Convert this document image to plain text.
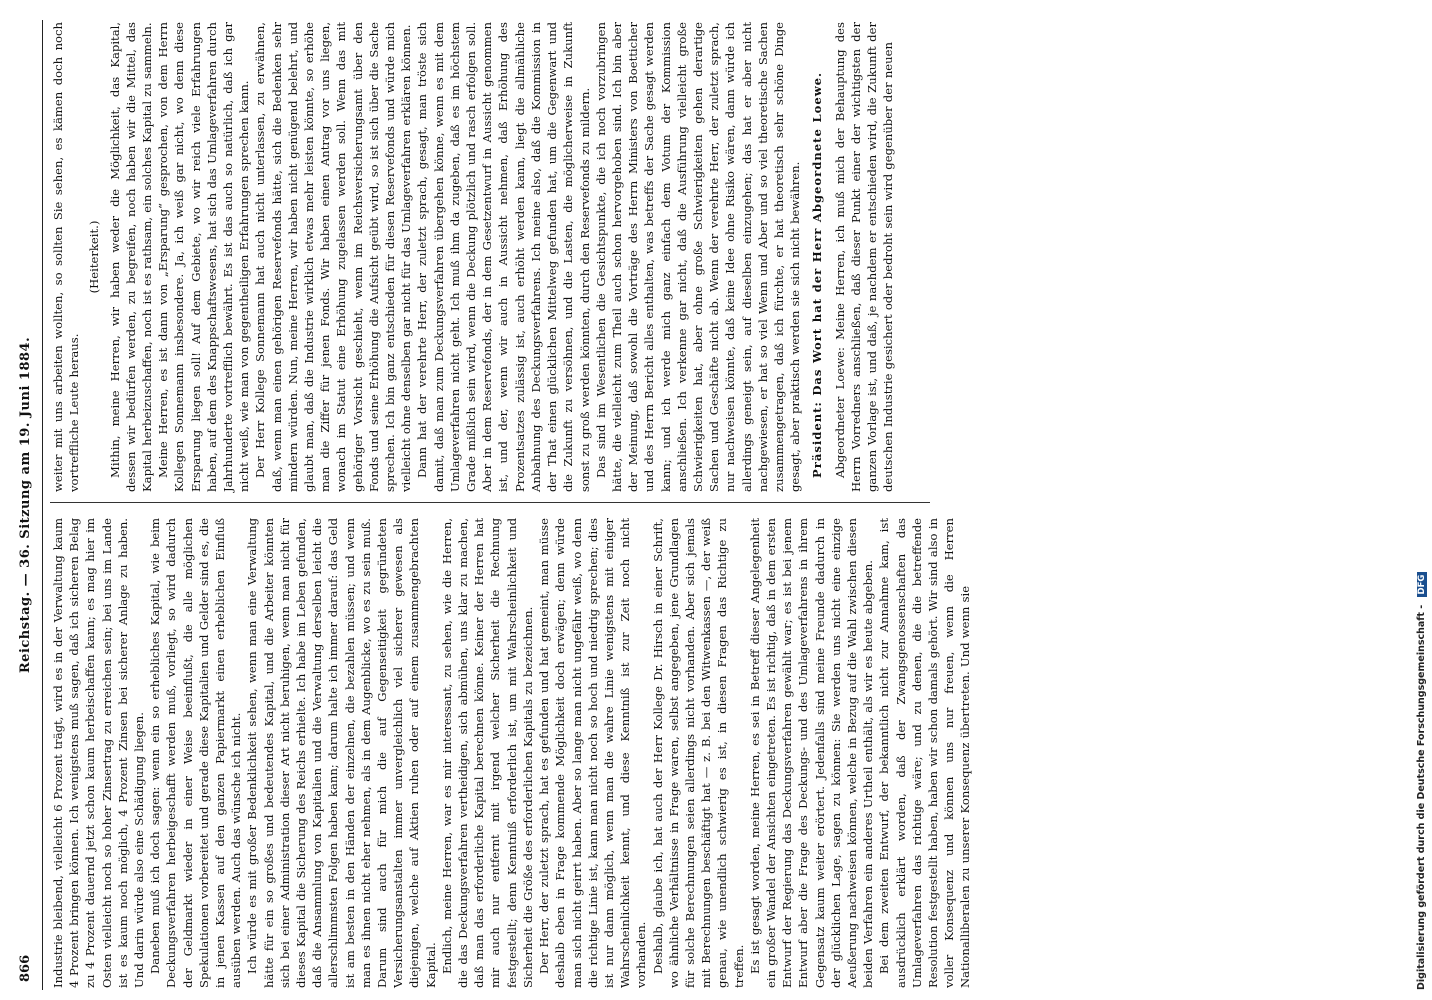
866
Reichstag. — 36. Sitzung am 19. Juni 1884.

Industrie bleibend, vielleicht 6 Prozent trägt, wird es in der Verwaltung kaum 4 Prozent bringen können. Ich wenigstens muß sagen, daß ich sicheren Belag zu 4 Prozent dauernd jetzt schon kaum herbeischaffen kann; es mag hier im Osten vielleicht noch so hoher Zinsertrag zu erreichen sein; bei uns im Lande ist es kaum noch möglich, 4 Prozent Zinsen bei sicherer Anlage zu haben. Und darin würde also eine Schädigung liegen. Daneben muß ich doch sagen: wenn ein so erhebliches Kapital, wie beim Deckungsverfahren herbeigeschafft werden muß, vorliegt, so wird dadurch der Geldmarkt wieder in einer Weise beeinflußt, die alle möglichen Spekulationen vorbereitet und gerade diese Kapitalien und Gelder sind es, die in jenen Kassen auf den ganzen Papiermarkt einen erheblichen Einfluß ausüben werden. Auch das wünsche ich nicht. Ich würde es mit großer Bedenklichkeit sehen, wenn man eine Verwaltung hätte für ein so großes und bedeutendes Kapital, und die Arbeiter könnten sich bei einer Administration dieser Art nicht beruhigen, wenn man nicht für dieses Kapital die Sicherung des Reichs erhielte. Ich habe im Leben gefunden, daß die Ansammlung von Kapitalien und die Verwaltung derselben leicht die allerschlimmsten Folgen haben kann; darum halte ich immer darauf: das Geld ist am besten in den Händen der einzelnen, die bezahlen müssen; und wenn man es ihnen nicht eher nehmen, als in dem Augenblicke, wo es zu sein muß. Darum sind auch für mich die auf Gegenseitigkeit gegründeten Versicherungsanstalten immer unvergleichlich viel sicherer gewesen als diejenigen, welche auf Aktien ruhen oder auf einem zusammengebrachten Kapital. Endlich, meine Herren, war es mir interessant, zu sehen, wie die Herren, die das Deckungsverfahren vertheidigen, sich abmühen, uns klar zu machen, daß man das erforderliche Kapital berechnen könne. Keiner der Herren hat mir auch nur entfernt mit irgend welcher Sicherheit die Rechnung festgestellt; denn Kenntniß erforderlich ist, um mit Wahrscheinlichkeit und Sicherheit die Größe des erforderlichen Kapitals zu bezeichnen. Der Herr, der zuletzt sprach, hat es gefunden und hat gemeint, man müsse deshalb eben in Frage kommende Möglichkeit doch erwägen; denn würde man sich nicht geirrt haben. Aber so lange man nicht ungefähr weiß, wo denn die richtige Linie ist, kann man nicht noch so hoch und niedrig sprechen; dies ist nur dann möglich, wenn man die wahre Linie wenigstens mit einiger Wahrscheinlichkeit kennt, und diese Kenntniß ist zur Zeit noch nicht vorhanden. Deshalb, glaube ich, hat auch der Herr Kollege Dr. Hirsch in einer Schrift, wo ähnliche Verhältnisse in Frage waren, selbst angegeben, jene Grundlagen für solche Berechnungen seien allerdings nicht vorhanden. Aber sich jemals mit Berechnungen beschäftigt hat — z. B. bei den Witwenkassen —, der weiß genau, wie unendlich schwierig es ist, in diesen Fragen das Richtige zu treffen. Es ist gesagt worden, meine Herren, es sei in Betreff dieser Angelegenheit ein großer Wandel der Ansichten eingetreten. Es ist richtig, daß in dem ersten Entwurf der Regierung das Deckungsverfahren gewählt war; es ist bei jenem Entwurf aber die Frage des Deckungs- und des Umlageverfahrens in ihrem Gegensatz kaum weiter erörtert. Jedenfalls sind meine Freunde dadurch in der glücklichen Lage, sagen zu können: Sie werden uns nicht eine einzige Aeußerung nachweisen können, welche in Bezug auf die Wahl zwischen diesen beiden Verfahren ein anderes Urtheil enthält, als wir es heute abgeben. Bei dem zweiten Entwurf, der bekanntlich nicht zur Annahme kam, ist ausdrücklich erklärt worden, daß der Zwangsgenossenschaften das Umlageverfahren das richtige wäre; und zu denen, die die betreffende Resolution festgestellt haben, haben wir schon damals gehört. Wir sind also in voller Konsequenz und können uns nur freuen, wenn die Herren Nationalliberalen zu unserer Konsequenz übertreten. Und wenn sie

weiter mit uns arbeiten wollten, so sollten Sie sehen, es kämen doch noch vortreffliche Leute heraus.

(Heiterkeit.) Mithin, meine Herren, wir haben weder die Möglichkeit, das Kapital, dessen wir bedürfen werden, zu begreifen, noch haben wir die Mittel, das Kapital herbeizuschaffen, noch ist es rathsam, ein solches Kapital zu sammeln. Meine Herren, es ist dann von „Ersparung“ gesprochen, von dem Herrn Kollegen Sonnemann insbesondere. Ja, ich weiß gar nicht, wo denn diese Ersparung liegen soll! Auf dem Gebiete, wo wir reich viele Erfahrungen haben, auf dem des Knappschaftswesens, hat sich das Umlageverfahren durch Jahrhunderte vortrefflich bewährt. Es ist das auch so natürlich, daß ich gar nicht weiß, wie man von gegentheiligen Erfahrungen sprechen kann. Der Herr Kollege Sonnemann hat auch nicht unterlassen, zu erwähnen, daß, wenn man einen gehörigen Reservefonds hätte, sich die Bedenken sehr mindern würden. Nun, meine Herren, wir haben nicht genügend belehrt, und glaubt man, daß die Industrie wirklich etwas mehr leisten könnte, so erhöhe man die Ziffer für jenen Fonds. Wir haben einen Antrag vor uns liegen, wonach im Statut eine Erhöhung zugelassen werden soll. Wenn das mit gehöriger Vorsicht geschieht, wenn im Reichsversicherungsamt über den Fonds und seine Erhöhung die Aufsicht geübt wird, so ist sich über die Sache sprechen. Ich bin ganz entschieden für diesen Reservefonds und würde mich vielleicht ohne denselben gar nicht für das Umlageverfahren erklären können. Dann hat der verehrte Herr, der zuletzt sprach, gesagt, man tröste sich damit, daß man zum Deckungsverfahren übergehen könne, wenn es mit dem Umlageverfahren nicht geht. Ich muß ihm da zugeben, daß es im höchstem Grade mißlich sein wird, wenn die Deckung plötzlich und rasch erfolgen soll. Aber in dem Reservefonds, der in dem Gesetzentwurf in Aussicht genommen ist, und der, wenn wir auch in Aussicht nehmen, daß Erhöhung des Prozentsatzes zulässig ist, auch erhöht werden kann, liegt die allmähliche Anbahnung des Deckungsverfahrens. Ich meine also, daß die Kommission in der That einen glücklichen Mittelweg gefunden hat, um die Gegenwart und die Zukunft zu versöhnen, und die Lasten, die möglicherweise in Zukunft sonst zu groß werden könnten, durch den Reservefonds zu mildern. Das sind im Wesentlichen die Gesichtspunkte, die ich noch vorzubringen hätte, die vielleicht zum Theil auch schon hervorgehoben sind. Ich bin aber der Meinung, daß sowohl die Vorträge des Herrn Ministers von Boetticher und des Herrn Bericht alles enthalten, was betreffs der Sache gesagt werden kann; und ich werde mich ganz einfach dem Votum der Kommission anschließen. Ich verkenne gar nicht, daß die Ausführung vielleicht große Schwierigkeiten hat, aber ohne große Schwierigkeiten gehen derartige Sachen und Geschäfte nicht ab. Wenn der verehrte Herr, der zuletzt sprach, nur nachweisen könnte, daß keine Idee ohne Risiko wären, dann würde ich allerdings geneigt sein, auf dieselben einzugehen; das hat er aber nicht nachgewiesen, er hat so viel Wenn und Aber und so viel theoretische Sachen zusammengetragen, daß ich fürchte, er hat theoretisch sehr schöne Dinge gesagt, aber praktisch werden sie sich nicht bewähren. Präsident: Das Wort hat der Herr Abgeordnete Loewe. Abgeordneter Loewe: Meine Herren, ich muß mich der Behauptung des Herrn Vorredners anschließen, daß dieser Punkt einer der wichtigsten der ganzen Vorlage ist, und daß, je nachdem er entschieden wird, die Zukunft der deutschen Industrie gesichert oder bedroht sein wird gegenüber der neuen

Digitalisierung gefördert durch die Deutsche Forschungsgemeinschaft - DFG
